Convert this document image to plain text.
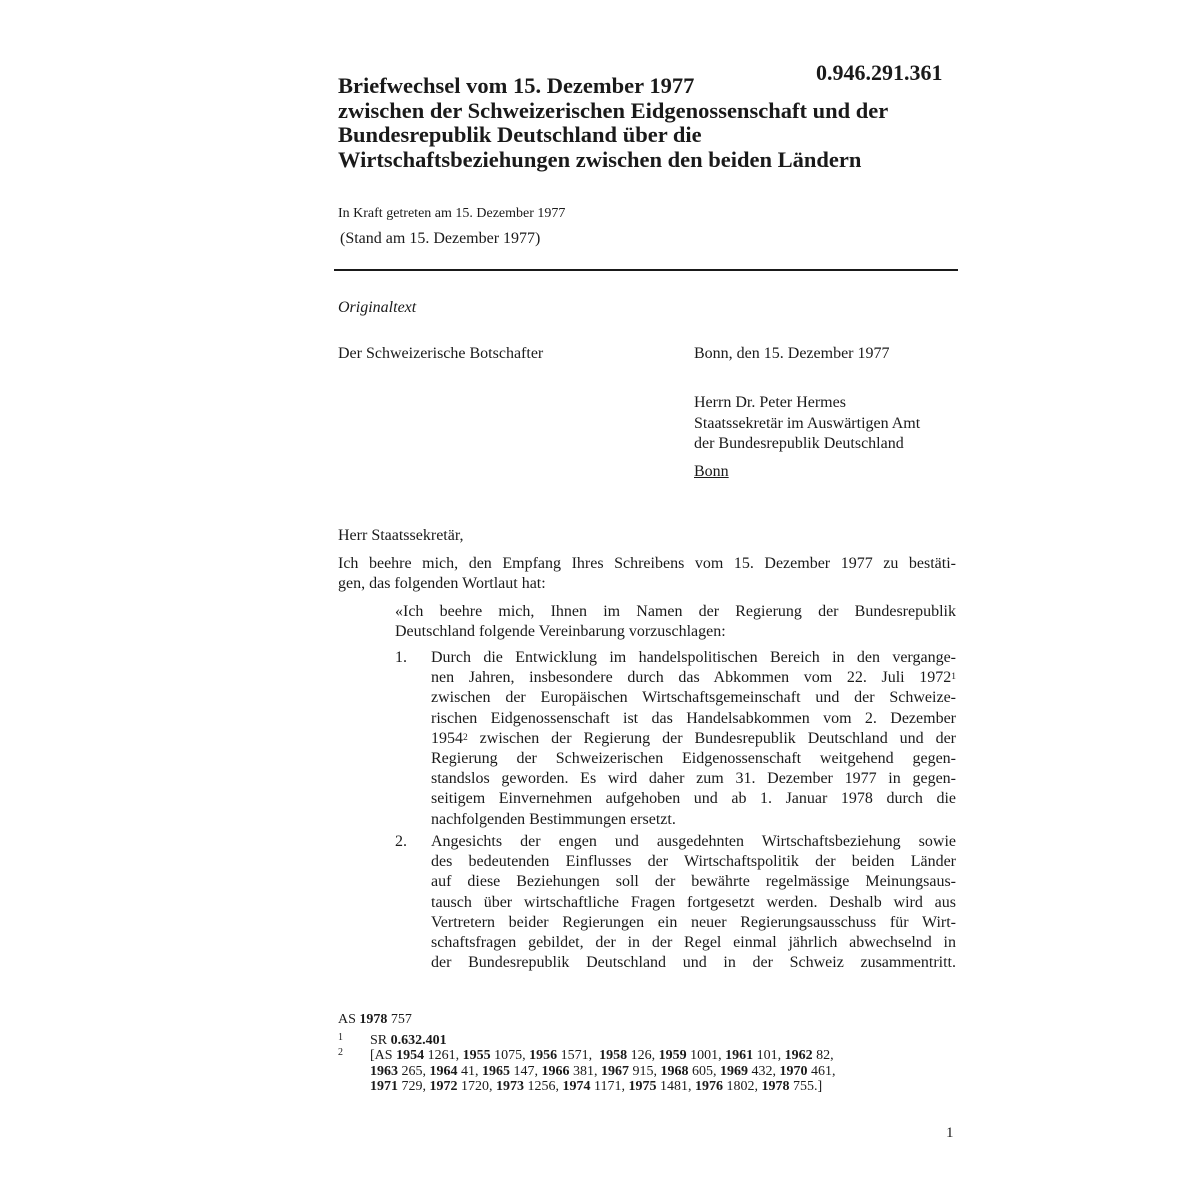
0.946.291.361
Briefwechsel vom 15. Dezember 1977
zwischen der Schweizerischen Eidgenossenschaft und der
Bundesrepublik Deutschland über die
Wirtschaftsbeziehungen zwischen den beiden Ländern
In Kraft getreten am 15. Dezember 1977
(Stand am 15. Dezember 1977)
Originaltext
Der Schweizerische Botschafter	Bonn, den 15. Dezember 1977
Herrn Dr. Peter Hermes
Staatssekretär im Auswärtigen Amt
der Bundesrepublik Deutschland
Bonn
Herr Staatssekretär,
Ich beehre mich, den Empfang Ihres Schreibens vom 15. Dezember 1977 zu bestäti-
gen, das folgenden Wortlaut hat:
«Ich beehre mich, Ihnen im Namen der Regierung der Bundesrepublik
Deutschland folgende Vereinbarung vorzuschlagen:
1. Durch die Entwicklung im handelspolitischen Bereich in den vergange-
nen Jahren, insbesondere durch das Abkommen vom 22. Juli 1972$^1$
zwischen der Europäischen Wirtschaftsgemeinschaft und der Schweize-
rischen Eidgenossenschaft ist das Handelsabkommen vom 2. Dezember
1954$^2$ zwischen der Regierung der Bundesrepublik Deutschland und der
Regierung der Schweizerischen Eidgenossenschaft weitgehend gegen-
standslos geworden. Es wird daher zum 31. Dezember 1977 in gegen-
seitigem Einvernehmen aufgehoben und ab 1. Januar 1978 durch die
nachfolgenden Bestimmungen ersetzt.
2. Angesichts der engen und ausgedehnten Wirtschaftsbeziehung sowie
des bedeutenden Einflusses der Wirtschaftspolitik der beiden Länder
auf diese Beziehungen soll der bewährte regelmässige Meinungsaus-
tausch über wirtschaftliche Fragen fortgesetzt werden. Deshalb wird aus
Vertretern beider Regierungen ein neuer Regierungsausschuss für Wirt-
schaftsfragen gebildet, der in der Regel einmal jährlich abwechselnd in
der Bundesrepublik Deutschland und in der Schweiz zusammentritt.
AS 1978 757
1 SR 0.632.401
2 [AS 1954 1261, 1955 1075, 1956 1571,  1958 126, 1959 1001, 1961 101, 1962 82,
1963 265, 1964 41, 1965 147, 1966 381, 1967 915, 1968 605, 1969 432, 1970 461,
1971 729, 1972 1720, 1973 1256, 1974 1171, 1975 1481, 1976 1802, 1978 755.]
1
